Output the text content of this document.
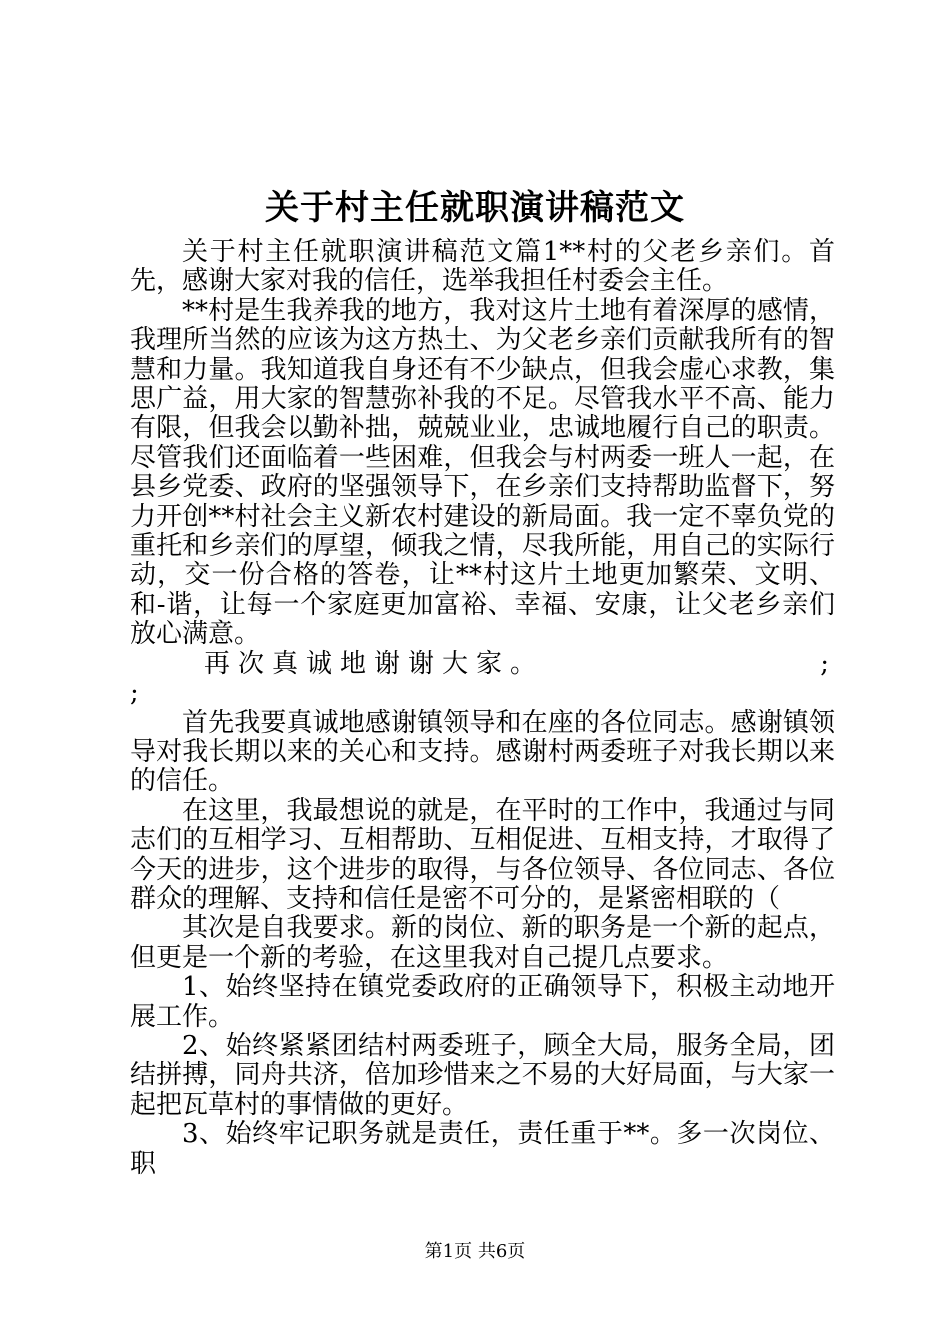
关于村主任就职演讲稿范文

关于村主任就职演讲稿范文篇1**村的父老乡亲们。首先，感谢大家对我的信任，选举我担任村委会主任。

**村是生我养我的地方，我对这片土地有着深厚的感情，我理所当然的应该为这方热土、为父老乡亲们贡献我所有的智慧和力量。我知道我自身还有不少缺点，但我会虚心求教，集思广益，用大家的智慧弥补我的不足。尽管我水平不高、能力有限，但我会以勤补拙，兢兢业业，忠诚地履行自己的职责。尽管我们还面临着一些困难，但我会与村两委一班人一起，在县乡党委、政府的坚强领导下，在乡亲们支持帮助监督下，努力开创**村社会主义新农村建设的新局面。我一定不辜负党的重托和乡亲们的厚望，倾我之情，尽我所能，用自己的实际行动，交一份合格的答卷，让**村这片土地更加繁荣、文明、和-谐，让每一个家庭更加富裕、幸福、安康，让父老乡亲们放心满意。

再次真诚地谢谢大家。	;

;

首先我要真诚地感谢镇领导和在座的各位同志。感谢镇领导对我长期以来的关心和支持。感谢村两委班子对我长期以来的信任。

在这里，我最想说的就是，在平时的工作中，我通过与同志们的互相学习、互相帮助、互相促进、互相支持，才取得了今天的进步，这个进步的取得，与各位领导、各位同志、各位群众的理解、支持和信任是密不可分的，是紧密相联的（

其次是自我要求。新的岗位、新的职务是一个新的起点，但更是一个新的考验，在这里我对自己提几点要求。

1、始终坚持在镇党委政府的正确领导下，积极主动地开展工作。

2、始终紧紧团结村两委班子，顾全大局，服务全局，团结拼搏，同舟共济，倍加珍惜来之不易的大好局面，与大家一起把瓦草村的事情做的更好。

3、始终牢记职务就是责任，责任重于**。多一次岗位、职

第1页 共6页
